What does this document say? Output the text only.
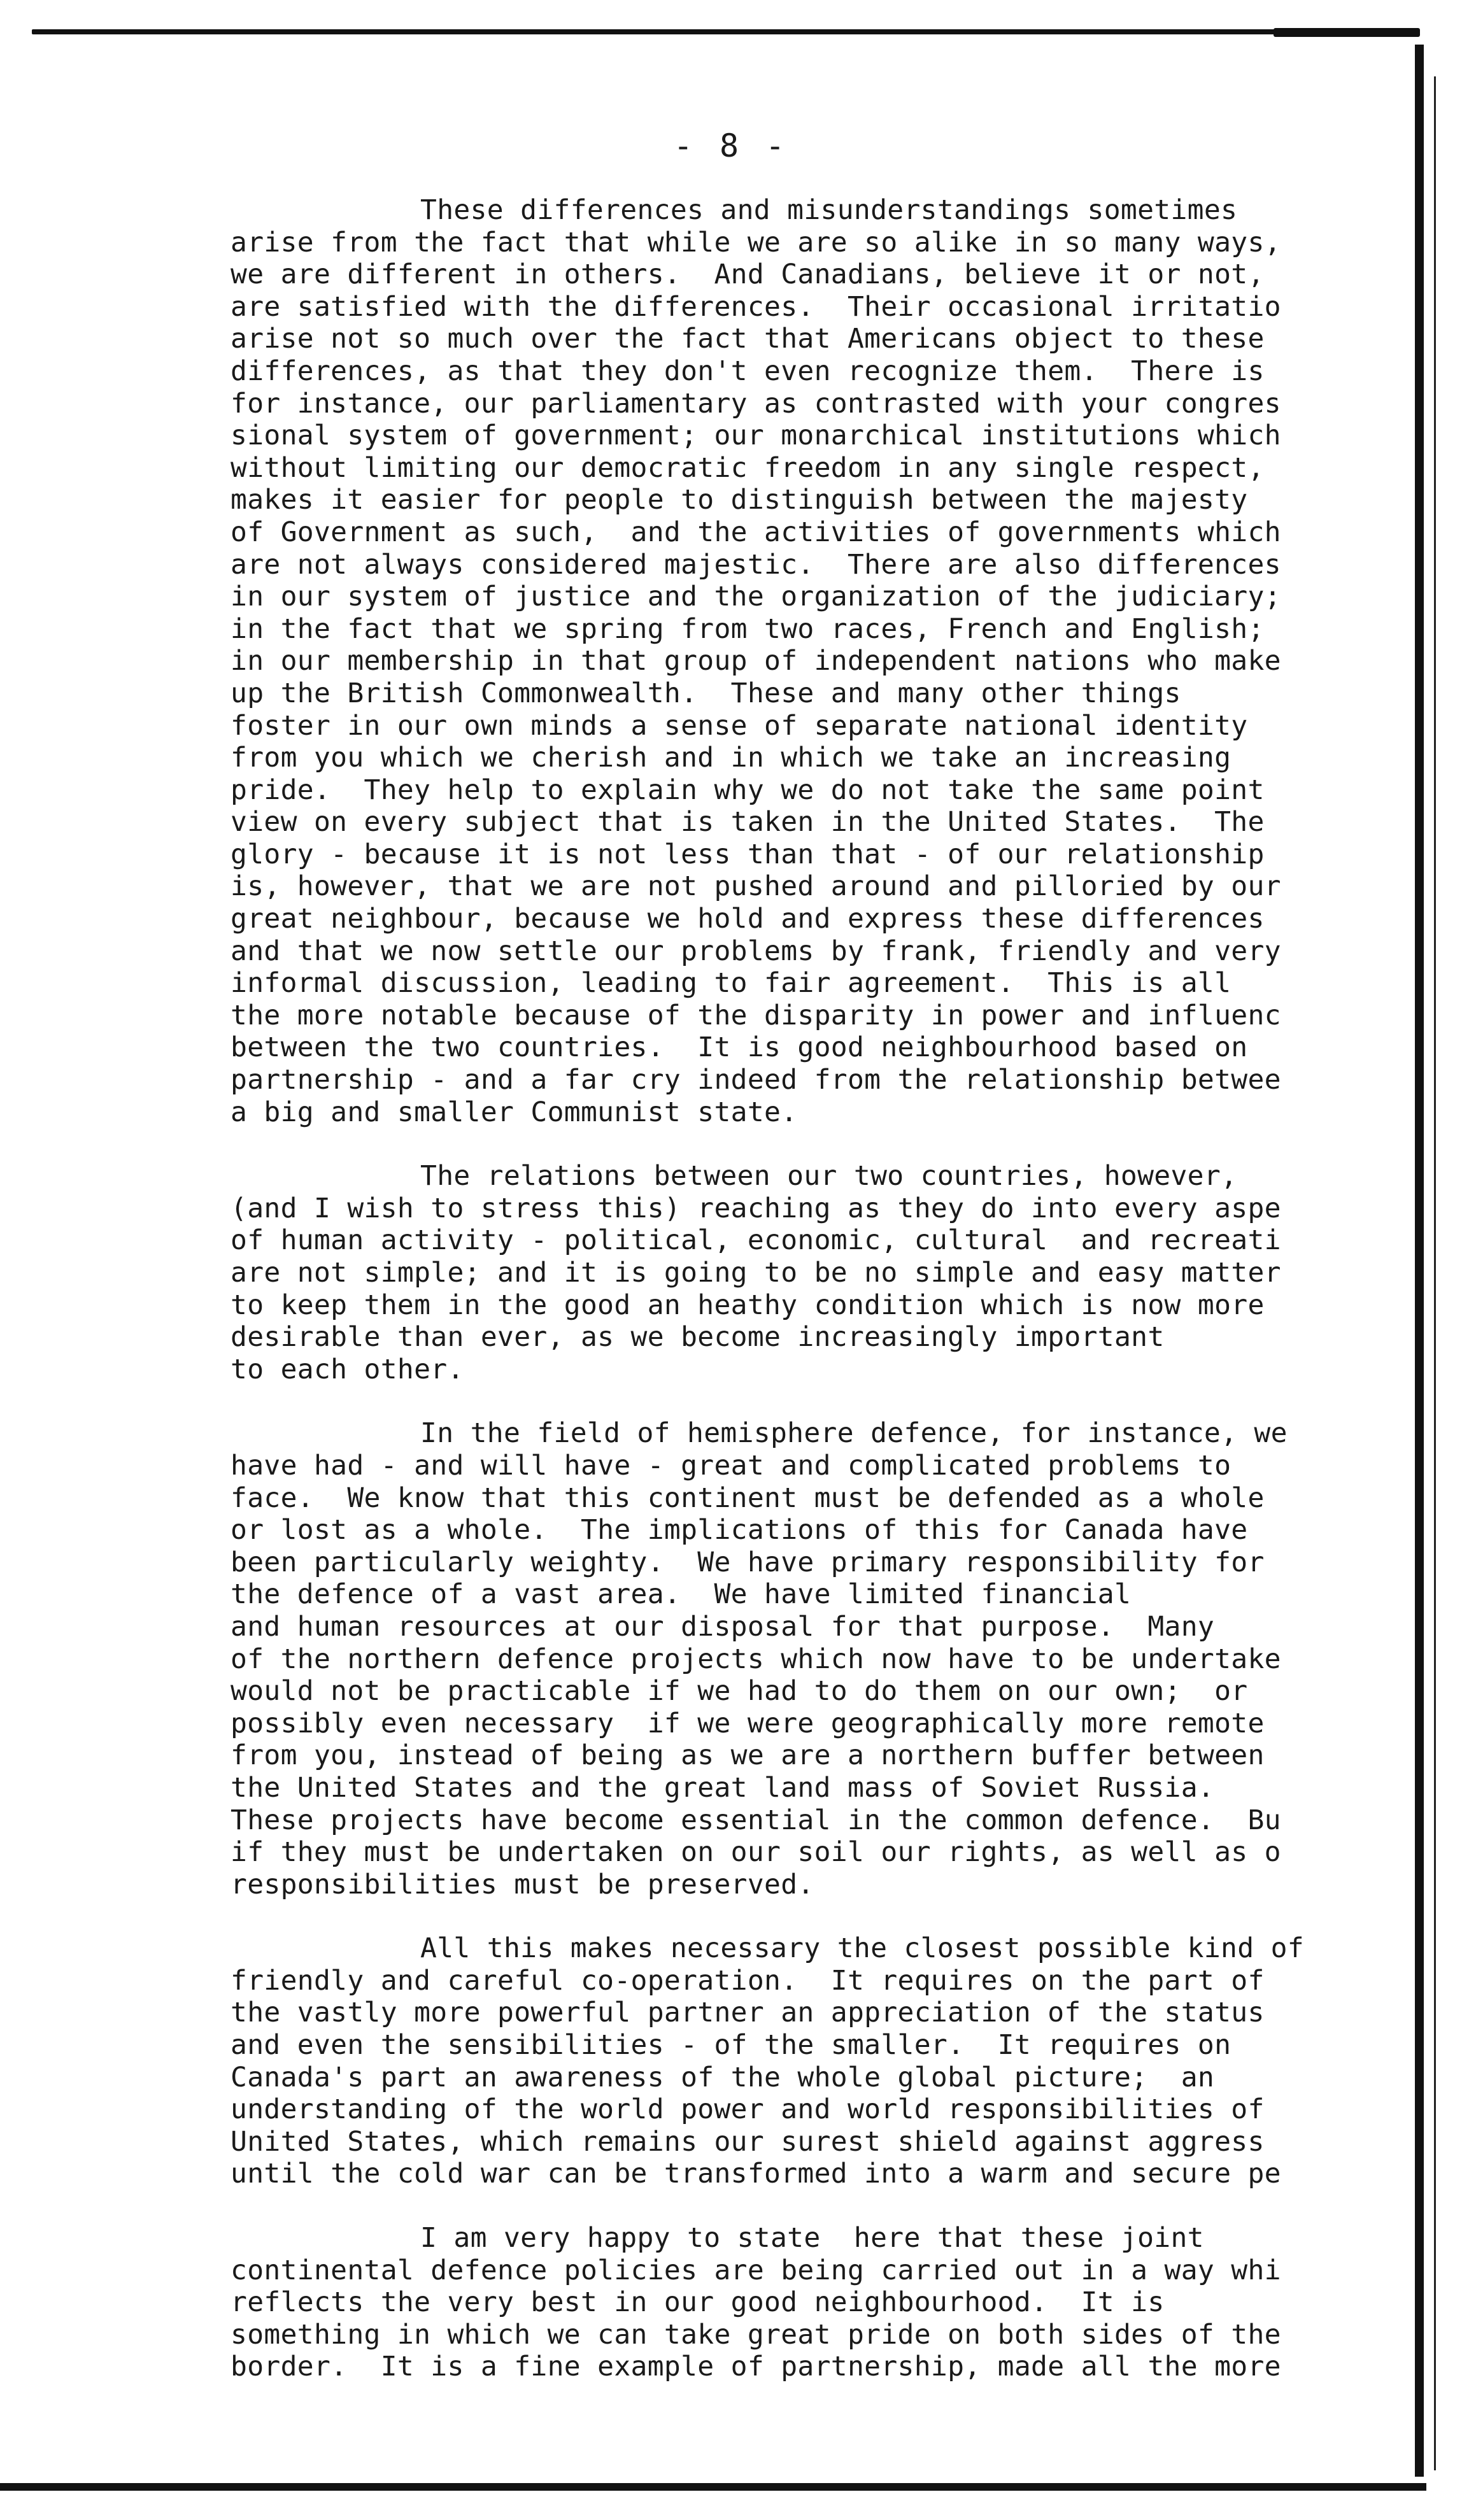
- 8 -
These differences and misunderstandings sometimes
arise from the fact that while we are so alike in so many ways,
we are different in others.  And Canadians, believe it or not,
are satisfied with the differences.  Their occasional irritatio
arise not so much over the fact that Americans object to these
differences, as that they don't even recognize them.  There is
for instance, our parliamentary as contrasted with your congres
sional system of government; our monarchical institutions which
without limiting our democratic freedom in any single respect,
makes it easier for people to distinguish between the majesty
of Government as such,  and the activities of governments which
are not always considered majestic.  There are also differences
in our system of justice and the organization of the judiciary;
in the fact that we spring from two races, French and English;
in our membership in that group of independent nations who make
up the British Commonwealth.  These and many other things
foster in our own minds a sense of separate national identity
from you which we cherish and in which we take an increasing
pride.  They help to explain why we do not take the same point
view on every subject that is taken in the United States.  The
glory - because it is not less than that - of our relationship
is, however, that we are not pushed around and pilloried by our
great neighbour, because we hold and express these differences
and that we now settle our problems by frank, friendly and very
informal discussion, leading to fair agreement.  This is all
the more notable because of the disparity in power and influenc
between the two countries.  It is good neighbourhood based on
partnership - and a far cry indeed from the relationship betwee
a big and smaller Communist state.
The relations between our two countries, however,
(and I wish to stress this) reaching as they do into every aspe
of human activity - political, economic, cultural  and recreati
are not simple; and it is going to be no simple and easy matter
to keep them in the good an heathy condition which is now more
desirable than ever, as we become increasingly important
to each other.
In the field of hemisphere defence, for instance, we
have had - and will have - great and complicated problems to
face.  We know that this continent must be defended as a whole
or lost as a whole.  The implications of this for Canada have
been particularly weighty.  We have primary responsibility for
the defence of a vast area.  We have limited financial
and human resources at our disposal for that purpose.  Many
of the northern defence projects which now have to be undertake
would not be practicable if we had to do them on our own;  or
possibly even necessary  if we were geographically more remote
from you, instead of being as we are a northern buffer between
the United States and the great land mass of Soviet Russia.
These projects have become essential in the common defence.  Bu
if they must be undertaken on our soil our rights, as well as o
responsibilities must be preserved.
All this makes necessary the closest possible kind of
friendly and careful co-operation.  It requires on the part of
the vastly more powerful partner an appreciation of the status
and even the sensibilities - of the smaller.  It requires on
Canada's part an awareness of the whole global picture;  an
understanding of the world power and world responsibilities of
United States, which remains our surest shield against aggress
until the cold war can be transformed into a warm and secure pe
I am very happy to state  here that these joint
continental defence policies are being carried out in a way whi
reflects the very best in our good neighbourhood.  It is
something in which we can take great pride on both sides of the
border.  It is a fine example of partnership, made all the more
